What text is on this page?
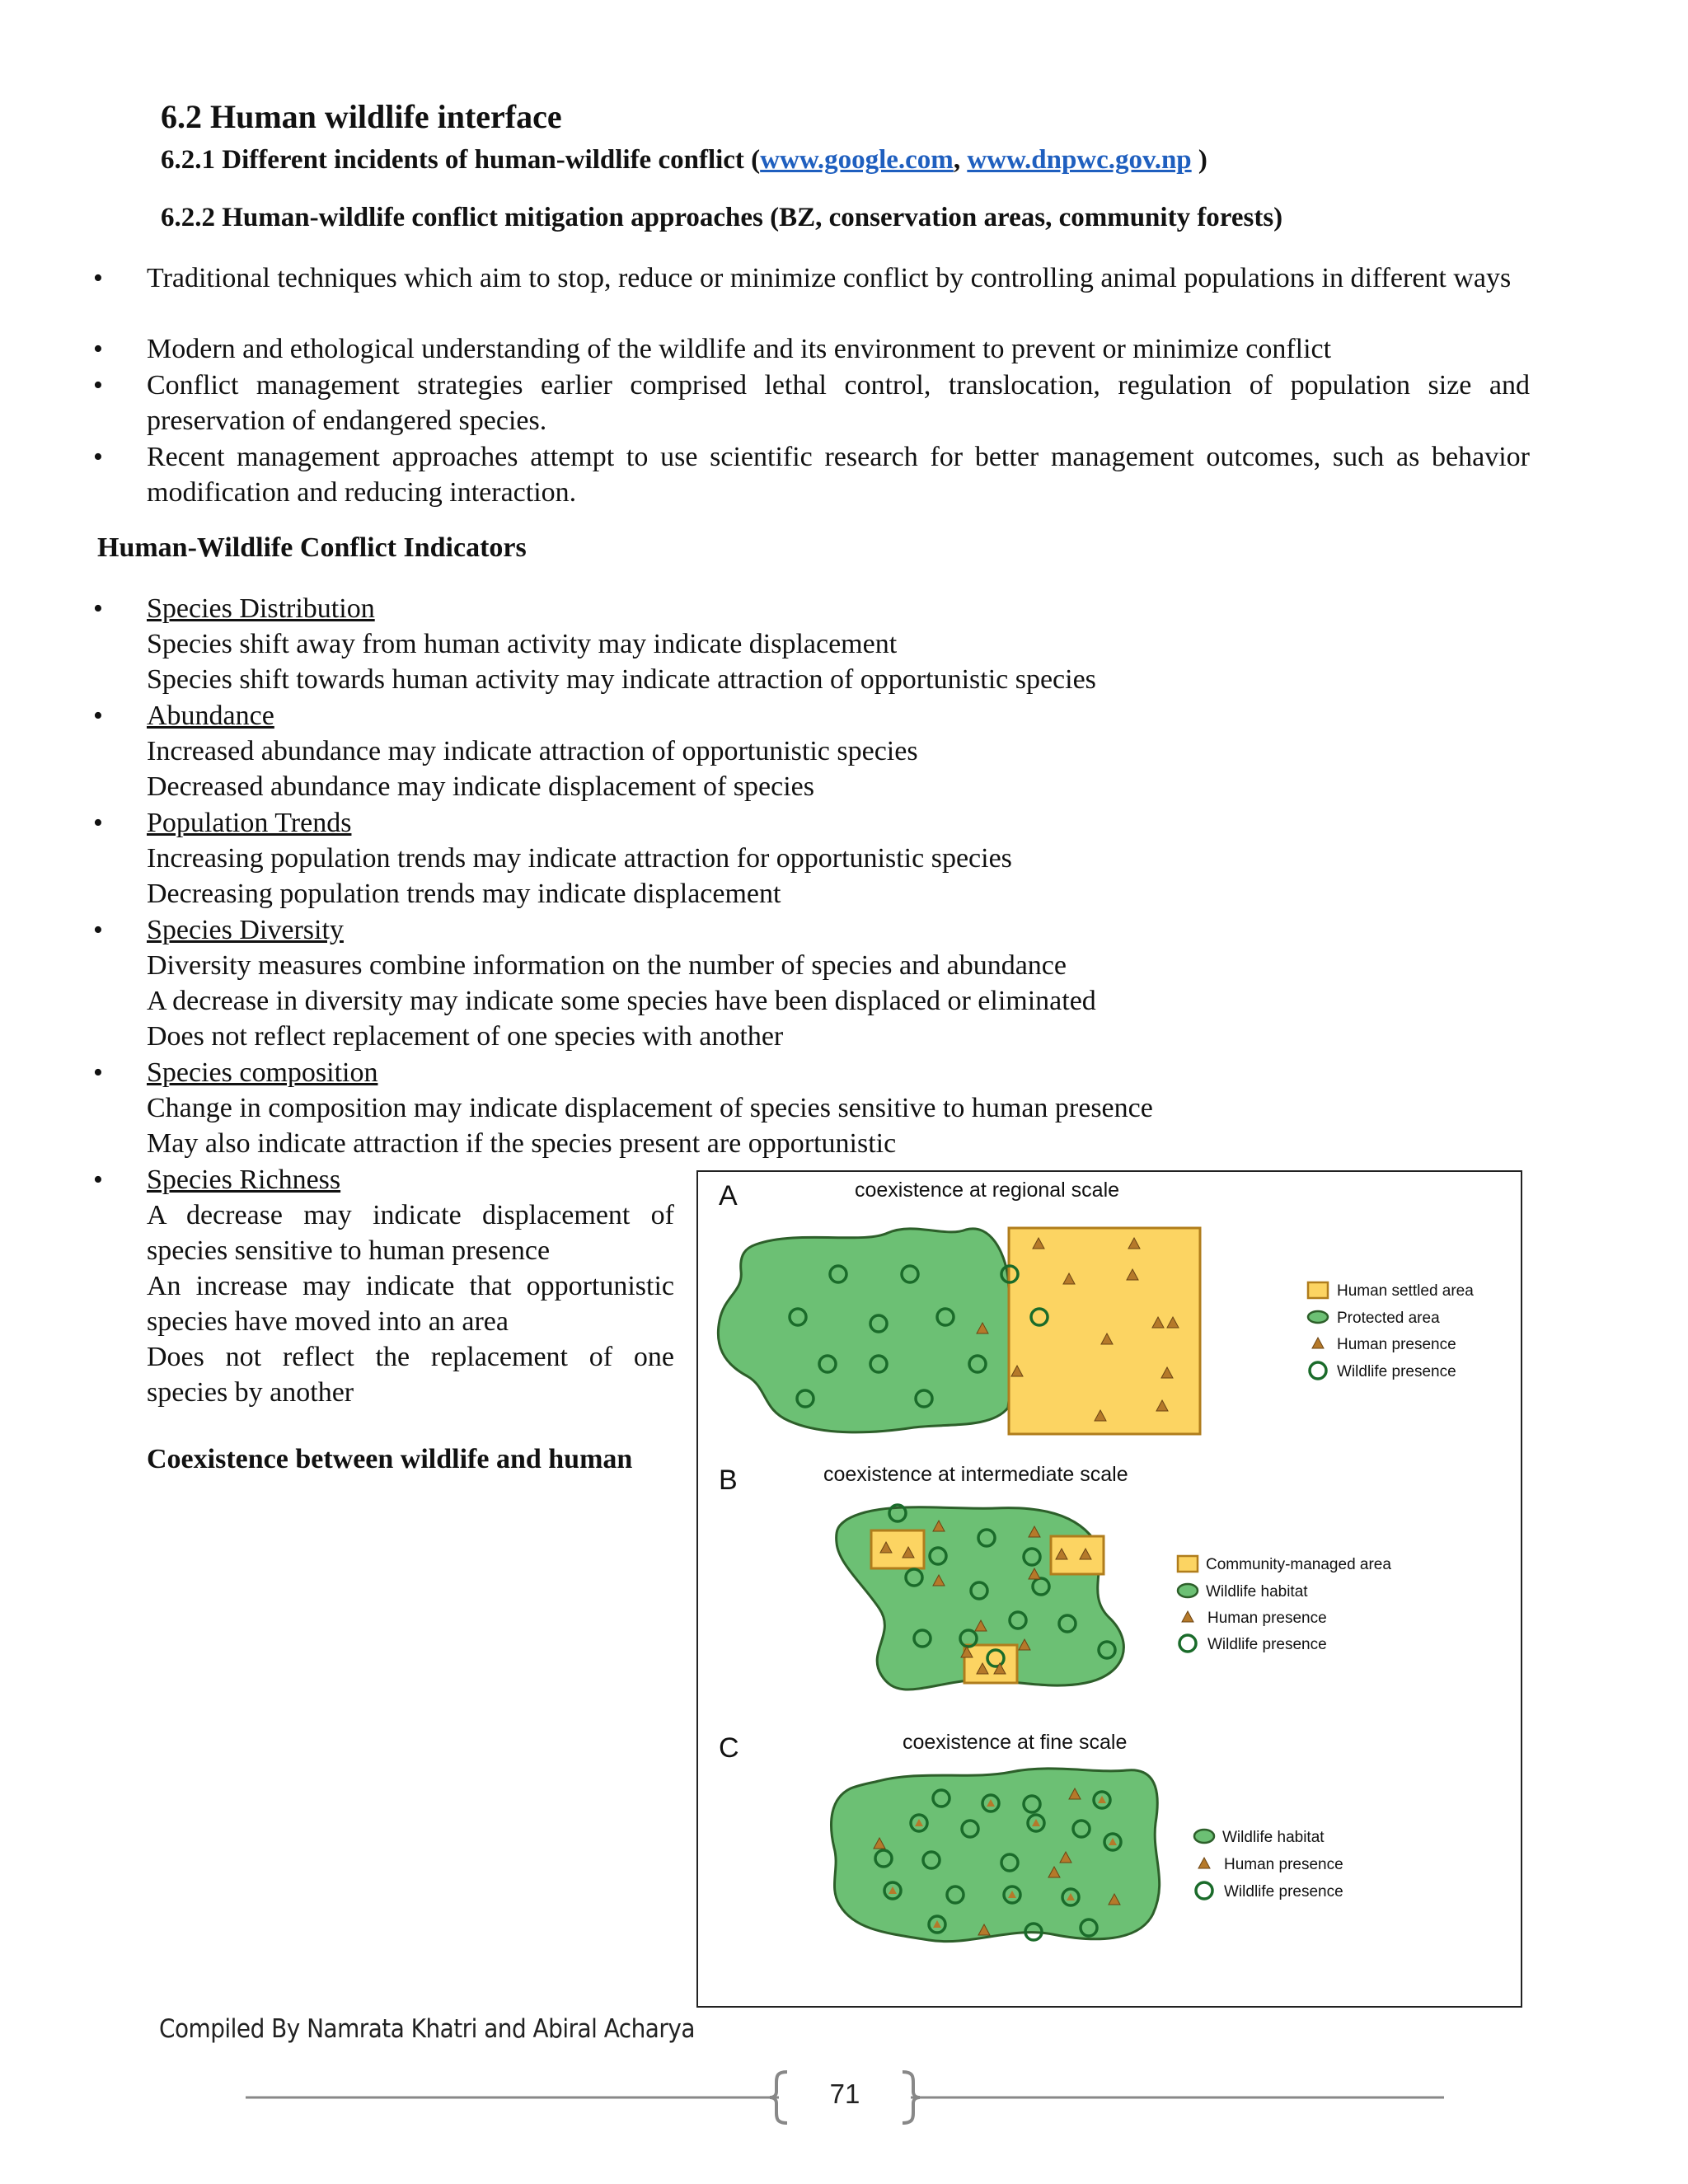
6.2 Human wildlife interface
6.2.1 Different incidents of human-wildlife conflict (www.google.com, www.dnpwc.gov.np )
6.2.2 Human-wildlife conflict mitigation approaches (BZ, conservation areas, community forests)
• Traditional techniques which aim to stop, reduce or minimize conflict by controlling animal populations in different ways
• Modern and ethological understanding of the wildlife and its environment to prevent or minimize conflict
• Conflict management strategies earlier comprised lethal control, translocation, regulation of population size and preservation of endangered species.
• Recent management approaches attempt to use scientific research for better management outcomes, such as behavior modification and reducing interaction.
Human-Wildlife Conflict Indicators
• Species Distribution
Species shift away from human activity may indicate displacement
Species shift towards human activity may indicate attraction of opportunistic species
• Abundance
Increased abundance may indicate attraction of opportunistic species
Decreased abundance may indicate displacement of species
• Population Trends
Increasing population trends may indicate attraction for opportunistic species
Decreasing population trends may indicate displacement
• Species Diversity
Diversity measures combine information on the number of species and abundance
A decrease in diversity may indicate some species have been displaced or eliminated
Does not reflect replacement of one species with another
• Species composition
Change in composition may indicate displacement of species sensitive to human presence
May also indicate attraction if the species present are opportunistic
• Species Richness
A decrease may indicate displacement of species sensitive to human presence
An increase may indicate that opportunistic species have moved into an area
Does not reflect the replacement of one species by another
Coexistence between wildlife and human
A	coexistence at regional scale
Human settled area
Protected area
Human presence
Wildlife presence
B	coexistence at intermediate scale
Community-managed area
Wildlife habitat
Human presence
Wildlife presence
C	coexistence at fine scale
Wildlife habitat
Human presence
Wildlife presence
Compiled By Namrata Khatri and Abiral Acharya
71
